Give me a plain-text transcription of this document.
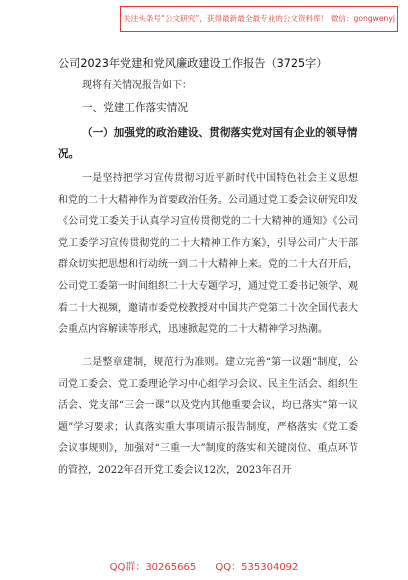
关注头条号“公文研究”，获得最新最全最专业的公文资料库！ 微信：gongwenyj
公司2023年党建和党风廉政建设工作报告（3725字）
现将有关情况报告如下：
一、党建工作落实情况
（一）加强党的政治建设、贯彻落实党对国有企业的领导情况。
一是坚持把学习宣传贯彻习近平新时代中国特色社会主义思想和党的二十大精神作为首要政治任务。公司通过党工委会议研究印发《公司党工委关于认真学习宣传贯彻党的二十大精神的通知》《公司党工委学习宣传贯彻党的二十大精神工作方案》，引导公司广大干部群众切实把思想和行动统一到二十大精神上来。党的二十大召开后，公司党工委第一时间组织二十大专题学习，通过党工委书记领学、观看二十大视频，邀请市委党校教授对中国共产党第二十次全国代表大会重点内容解读等形式，迅速掀起党的二十大精神学习热潮。
二是整章建制，规范行为准则。建立完善“第一议题”制度，公司党工委会、党工委理论学习中心组学习会议、民主生活会、组织生活会、党支部“三会一课”以及党内其他重要会议，均已落实“第一议题”学习要求；认真落实重大事项请示报告制度，严格落实《党工委会议事规则》，加强对“三重一大”制度的落实和关键岗位、重点环节的管控，2022年召开党工委会议12次，2023年召开
QQ群：30265665 QQ：535304092
